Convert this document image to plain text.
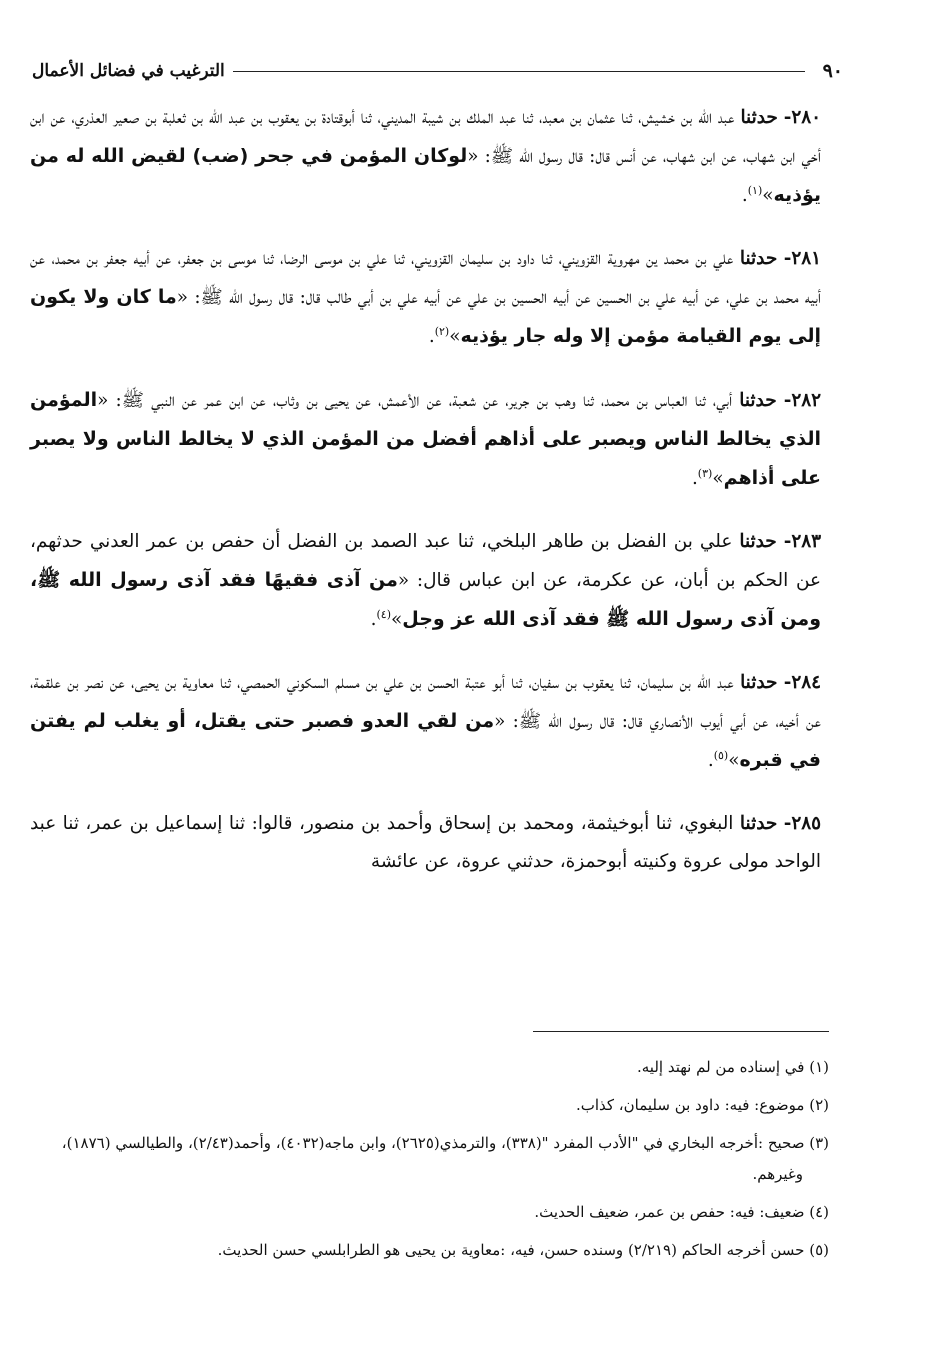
٩٠
الترغيب في فضائل الأعمال

٢٨٠- حدثنا عبد الله بن خشيش، ثنا عثمان بن معبد، ثنا عبد الملك بن شيبة المديني، ثنا أبوقتادة بن يعقوب بن عبد الله بن ثعلبة بن صعير العذري، عن ابن أخي ابن شهاب، عن ابن شهاب، عن أنس قال: قال رسول الله ﷺ: «لوكان المؤمن في جحر (ضب) لقيض الله له من يؤذيه»$^{(١)}$.

٢٨١- حدثنا علي بن محمد ين مهروية القزويني، ثنا داود بن سليمان القزويني، ثنا علي بن موسى الرضا، ثنا موسى بن جعفر، عن أبيه جعفر بن محمد، عن أبيه محمد بن علي، عن أبيه علي بن الحسين عن أبيه الحسين بن علي عن أبيه علي بن أبي طالب قال: قال رسول الله ﷺ: «ما كان ولا يكون إلى يوم القيامة مؤمن إلا وله جار يؤذيه»$^{(٢)}$.

٢٨٢- حدثنا أبي، ثنا العباس بن محمد، ثنا وهب بن جرير، عن شعبة، عن الأعمش، عن يحيى بن وثاب، عن ابن عمر عن النبي ﷺ: «المؤمن الذي يخالط الناس ويصبر على أذاهم أفضل من المؤمن الذي لا يخالط الناس ولا يصبر على أذاهم»$^{(٣)}$.

٢٨٣- حدثنا علي بن الفضل بن طاهر البلخي، ثنا عبد الصمد بن الفضل أن حفص بن عمر العدني حدثهم، عن الحكم بن أبان، عن عكرمة، عن ابن عباس قال: «من آذى فقيهًا فقد آذى رسول الله ﷺ، ومن آذى رسول الله ﷺ فقد آذى الله عز وجل»$^{(٤)}$.

٢٨٤- حدثنا عبد الله بن سليمان، ثنا يعقوب بن سفيان، ثنا أبو عتبة الحسن بن علي بن مسلم السكوني الحمصي، ثنا معاوية بن يحيى، عن نصر بن علقمة، عن أخيه، عن أبي أيوب الأنصاري قال: قال رسول الله ﷺ: «من لقي العدو فصبر حتى يقتل، أو يغلب لم يفتن في قبره»$^{(٥)}$.

٢٨٥- حدثنا البغوي، ثنا أبوخيثمة، ومحمد بن إسحاق وأحمد بن منصور، قالوا: ثنا إسماعيل بن عمر، ثنا عبد الواحد مولى عروة وكنيته أبوحمزة، حدثني عروة، عن عائشة

(١) في إسناده من لم نهتد إليه.

(٢) موضوع: فيه: داود بن سليمان، كذاب.

(٣) صحيح :أخرجه البخاري في "الأدب المفرد "(٣٣٨)، والترمذي(٢٦٢٥)، وابن ماجه(٤٠٣٢)، وأحمد(٢/٤٣)، والطيالسي (١٨٧٦)، وغيرهم.

(٤) ضعيف: فيه: حفص بن عمر، ضعيف الحديث.

(٥) حسن أخرجه الحاكم (٢/٢١٩) وسنده حسن، فيه، :معاوية بن يحيى هو الطرابلسي حسن الحديث.
